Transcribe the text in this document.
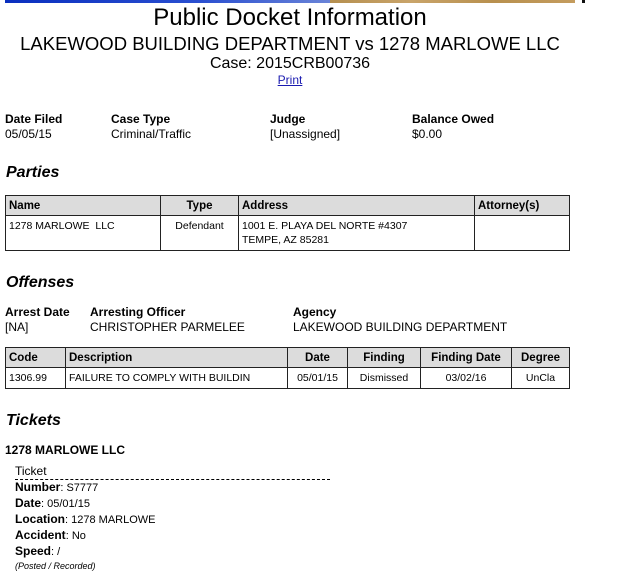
Public Docket Information
LAKEWOOD BUILDING DEPARTMENT vs 1278 MARLOWE LLC
Case: 2015CRB00736
Print
Date Filed
05/05/15
Case Type
Criminal/Traffic
Judge
[Unassigned]
Balance Owed
$0.00
Parties
Name	Type	Address	Attorney(s)
1278 MARLOWE  LLC	Defendant	1001 E. PLAYA DEL NORTE #4307
TEMPE, AZ 85281	

Offenses
Arrest Date
[NA]
Arresting Officer
CHRISTOPHER PARMELEE
Agency
LAKEWOOD BUILDING DEPARTMENT
Code	Description	Date	Finding	Finding Date	Degree
1306.99	FAILURE TO COMPLY WITH BUILDIN	05/01/15	Dismissed	03/02/16	UnCla
Tickets
1278 MARLOWE LLC
Ticket
Number: S7777
Date: 05/01/15
Location: 1278 MARLOWE
Accident: No
Speed: /
(Posted / Recorded)
